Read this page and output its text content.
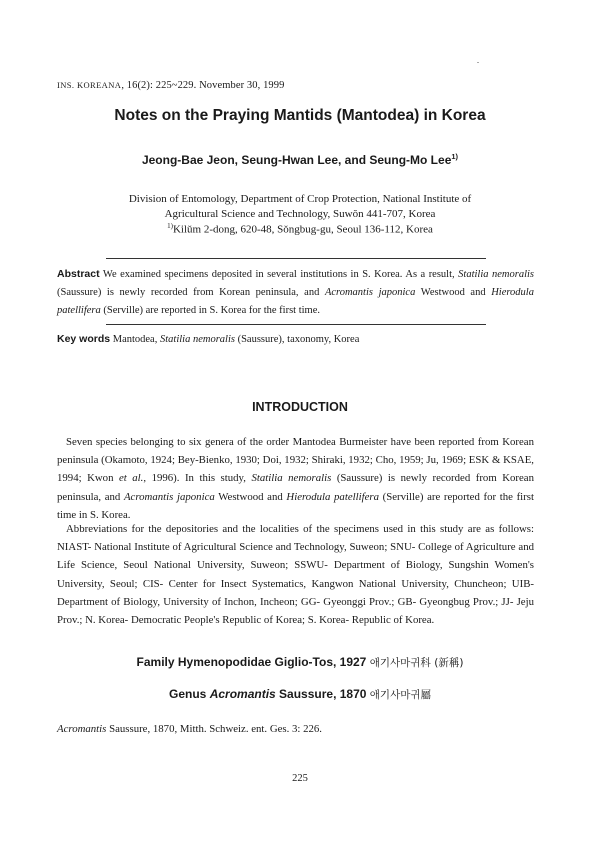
INS. KOREANA, 16(2): 225~229. November 30, 1999
.
Notes on the Praying Mantids (Mantodea) in Korea
Jeong-Bae Jeon, Seung-Hwan Lee, and Seung-Mo Lee$^{1)}$
Division of Entomology, Department of Crop Protection, National Institute of
Agricultural Science and Technology, Suwŏn 441-707, Korea
$^{1)}$Kilŭm 2-dong, 620-48, Sŏngbug-gu, Seoul 136-112, Korea
Abstract We examined specimens deposited in several institutions in S. Korea. As a result, Statilia nemoralis (Saussure) is newly recorded from Korean peninsula, and Acromantis japonica Westwood and Hierodula patellifera (Serville) are reported in S. Korea for the first time.
Key words Mantodea, Statilia nemoralis (Saussure), taxonomy, Korea
INTRODUCTION
Seven species belonging to six genera of the order Mantodea Burmeister have been reported from Korean peninsula (Okamoto, 1924; Bey-Bienko, 1930; Doi, 1932; Shiraki, 1932; Cho, 1959; Ju, 1969; ESK & KSAE, 1994; Kwon et al., 1996). In this study, Statilia nemoralis (Saussure) is newly recorded from Korean peninsula, and Acromantis japonica Westwood and Hierodula patellifera (Serville) are reported for the first time in S. Korea.
Abbreviations for the depositories and the localities of the specimens used in this study are as follows: NIAST- National Institute of Agricultural Science and Technology, Suweon; SNU- College of Agriculture and Life Science, Seoul National University, Suweon; SSWU- Department of Biology, Sungshin Women's University, Seoul; CIS- Center for Insect Systematics, Kangwon National University, Chuncheon; UIB- Department of Biology, University of Inchon, Incheon; GG- Gyeonggi Prov.; GB- Gyeongbug Prov.; JJ- Jeju Prov.; N. Korea- Democratic People's Republic of Korea; S. Korea- Republic of Korea.
Family Hymenopodidae Giglio-Tos, 1927 애기사마귀科 (新稱)
Genus Acromantis Saussure, 1870 애기사마귀屬
Acromantis Saussure, 1870, Mitth. Schweiz. ent. Ges. 3: 226.
225
